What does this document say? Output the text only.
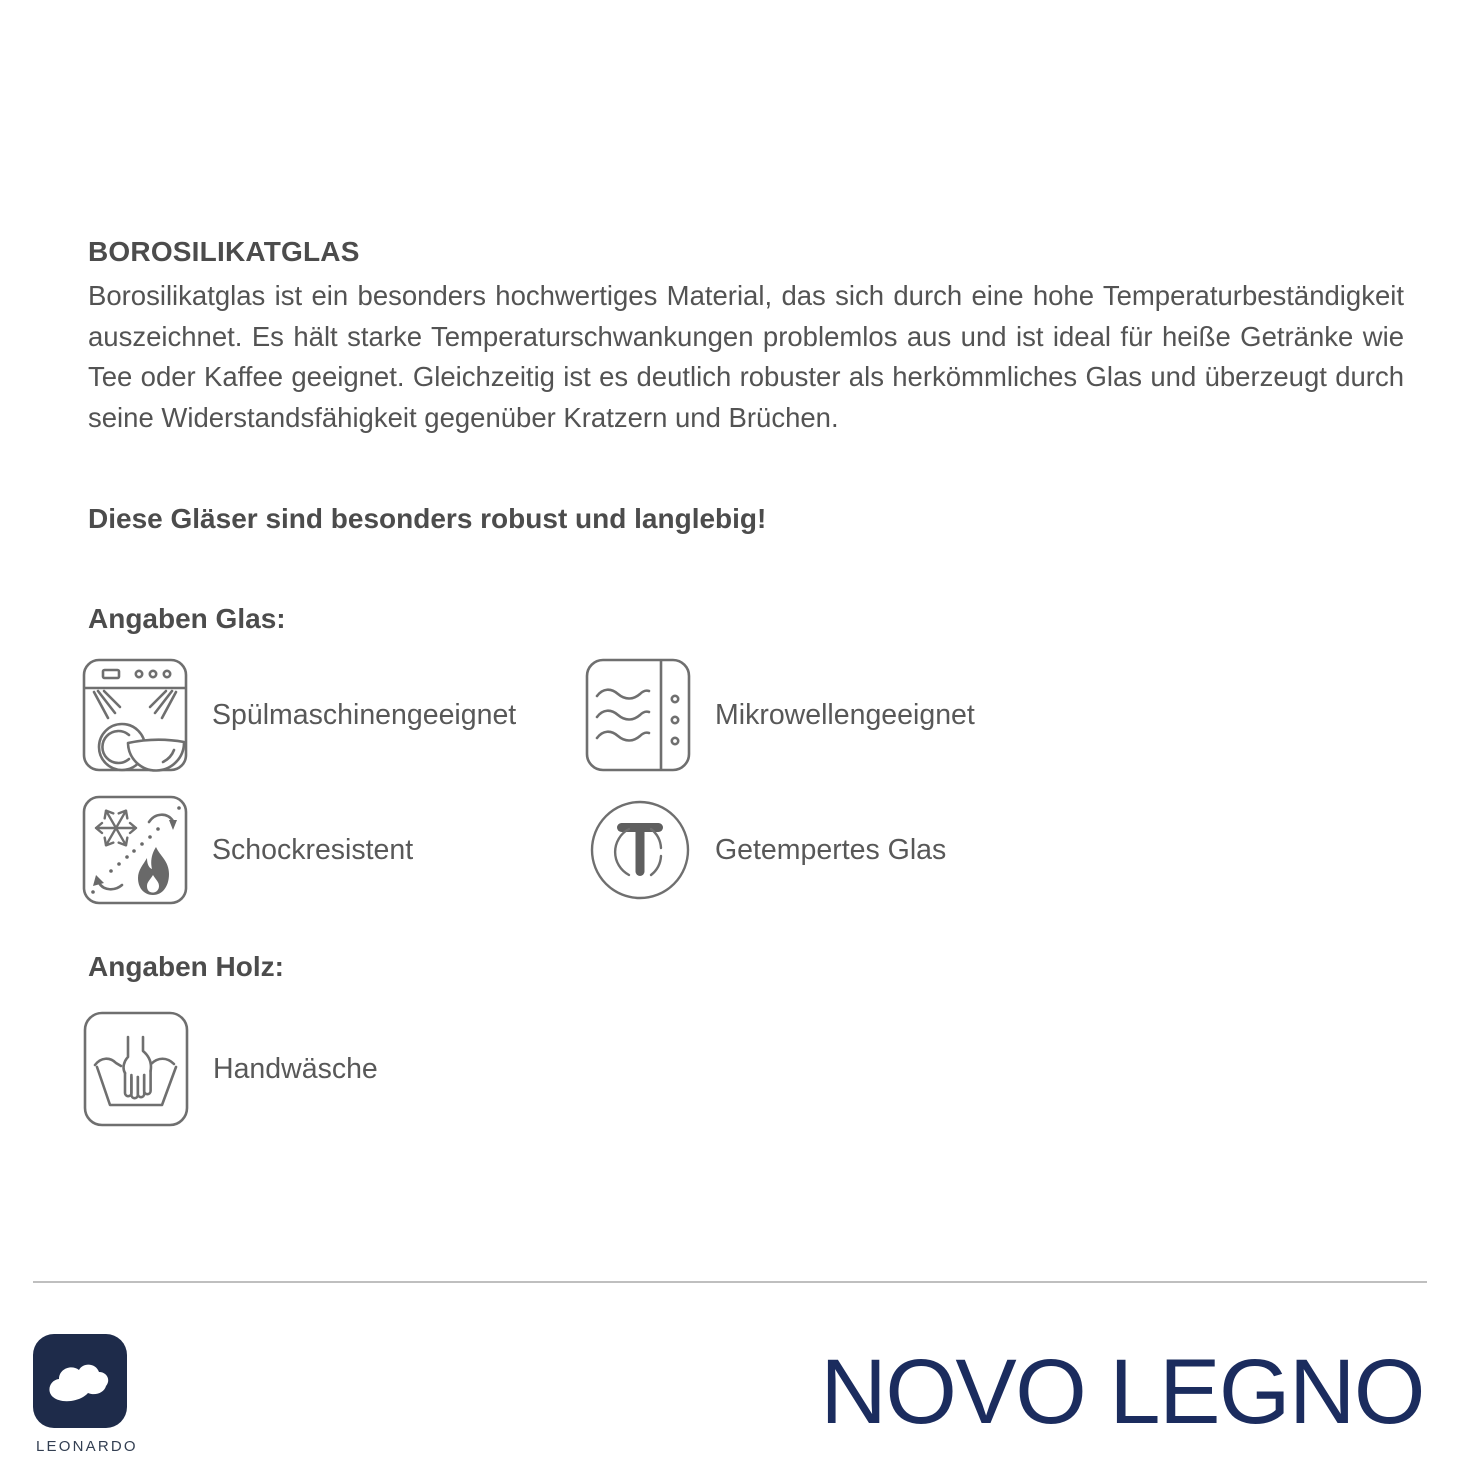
BOROSILIKATGLAS
Borosilikatglas ist ein besonders hochwertiges Material, das sich durch eine hohe Temperaturbeständigkeit auszeichnet. Es hält starke Temperaturschwankungen problemlos aus und ist ideal für heiße Getränke wie Tee oder Kaffee geeignet. Gleichzeitig ist es deutlich robuster als herkömmliches Glas und überzeugt durch seine Widerstandsfähigkeit gegenüber Kratzern und Brüchen.
Diese Gläser sind besonders robust und langlebig!
Angaben Glas:
Spülmaschinengeeignet	Mikrowellengeeignet
Schockresistent	Getempertes Glas
Angaben Holz:
Handwäsche
LEONARDO
NOVO LEGNO
